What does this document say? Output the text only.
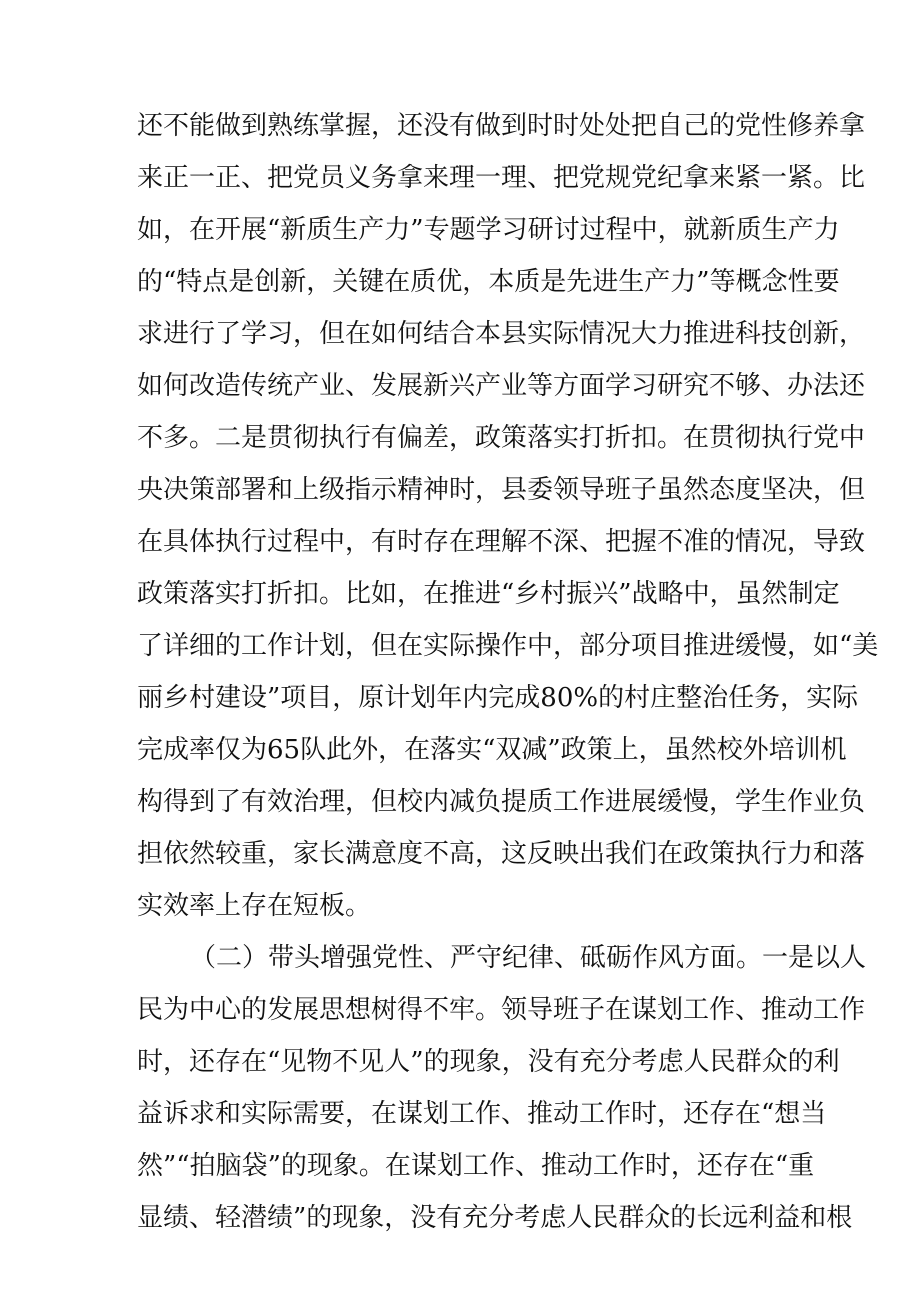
还不能做到熟练掌握，还没有做到时时处处把自己的党性修养拿
来正一正、把党员义务拿来理一理、把党规党纪拿来紧一紧。比
如，在开展“新质生产力”专题学习研讨过程中，就新质生产力
的“特点是创新，关键在质优，本质是先进生产力”等概念性要
求进行了学习，但在如何结合本县实际情况大力推进科技创新，
如何改造传统产业、发展新兴产业等方面学习研究不够、办法还
不多。二是贯彻执行有偏差，政策落实打折扣。在贯彻执行党中
央决策部署和上级指示精神时，县委领导班子虽然态度坚决，但
在具体执行过程中，有时存在理解不深、把握不准的情况，导致
政策落实打折扣。比如，在推进“乡村振兴”战略中，虽然制定
了详细的工作计划，但在实际操作中，部分项目推进缓慢，如“美
丽乡村建设”项目，原计划年内完成80%的村庄整治任务，实际
完成率仅为65队此外，在落实“双减”政策上，虽然校外培训机
构得到了有效治理，但校内减负提质工作进展缓慢，学生作业负
担依然较重，家长满意度不高，这反映出我们在政策执行力和落
实效率上存在短板。
（二）带头增强党性、严守纪律、砥砺作风方面。一是以人
民为中心的发展思想树得不牢。领导班子在谋划工作、推动工作
时，还存在“见物不见人”的现象，没有充分考虑人民群众的利
益诉求和实际需要，在谋划工作、推动工作时，还存在“想当
然”“拍脑袋”的现象。在谋划工作、推动工作时，还存在“重
显绩、轻潜绩”的现象，没有充分考虑人民群众的长远利益和根
